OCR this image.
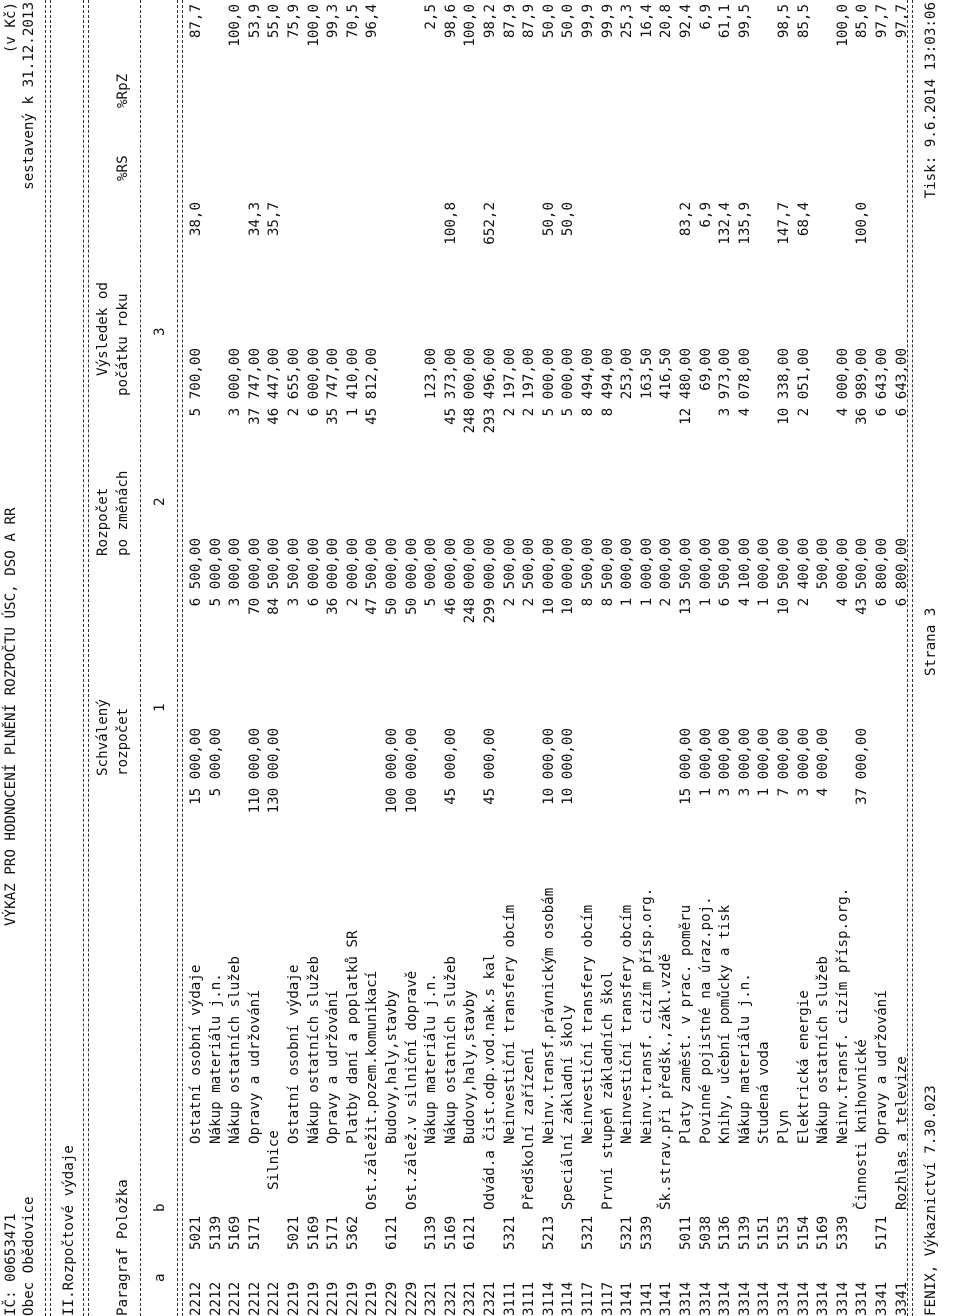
IČ: 00653471

VÝKAZ PRO HODNOCENÍ PLNĚNÍ ROZPOČTU ÚSC, DSO A RR

(v Kč)

Obec Obědovice

sestavený k 31.12.2013

II.Rozpočtové výdaje

Schválený

Rozpočet

Výsledek od

Paragraf Položka

rozpočet

po změnách

počátku roku

%RS

%RpZ

a

b

1

2

3

2212
5021
Ostatní osobní výdaje
15 000,00
6 500,00
5 700,00
38,0
87,7
2212
5139
Nákup materiálu j.n.
5 000,00
5 000,00
2212
5169
Nákup ostatních služeb
3 000,00
3 000,00
100,0
2212
5171
Opravy a udržování
110 000,00
70 000,00
37 747,00
34,3
53,9
2212
Silnice
130 000,00
84 500,00
46 447,00
35,7
55,0
2219
5021
Ostatní osobní výdaje
3 500,00
2 655,00
75,9
2219
5169
Nákup ostatních služeb
6 000,00
6 000,00
100,0
2219
5171
Opravy a udržování
36 000,00
35 747,00
99,3
2219
5362
Platby daní a poplatků SR
2 000,00
1 410,00
70,5
2219
Ost.záležit.pozem.komunikací
47 500,00
45 812,00
96,4
2229
6121
Budovy,haly,stavby
100 000,00
50 000,00
2229
Ost.zálež.v silniční dopravě
100 000,00
50 000,00
2321
5139
Nákup materiálu j.n.
5 000,00
123,00
2,5
2321
5169
Nákup ostatních služeb
45 000,00
46 000,00
45 373,00
100,8
98,6
2321
6121
Budovy,haly,stavby
248 000,00
248 000,00
100,0
2321
Odvád.a čist.odp.vod.nak.s kal
45 000,00
299 000,00
293 496,00
652,2
98,2
3111
5321
Neinvestiční transfery obcím
2 500,00
2 197,00
87,9
3111
Předškolní zařízení
2 500,00
2 197,00
87,9
3114
5213
Neinv.transf.právnickým osobám
10 000,00
10 000,00
5 000,00
50,0
50,0
3114
Speciální základní školy
10 000,00
10 000,00
5 000,00
50,0
50,0
3117
5321
Neinvestiční transfery obcím
8 500,00
8 494,00
99,9
3117
První stupeň základních škol
8 500,00
8 494,00
99,9
3141
5321
Neinvestiční transfery obcím
1 000,00
253,00
25,3
3141
5339
Neinv.transf. cizím přísp.org.
1 000,00
163,50
16,4
3141
Šk.strav.při předšk.,zákl.vzdě
2 000,00
416,50
20,8
3314
5011
Platy zaměst. v prac. poměru
15 000,00
13 500,00
12 480,00
83,2
92,4
3314
5038
Povinné pojistné na úraz.poj.
1 000,00
1 000,00
69,00
6,9
6,9
3314
5136
Knihy, učební pomůcky a tisk
3 000,00
6 500,00
3 973,00
132,4
61,1
3314
5139
Nákup materiálu j.n.
3 000,00
4 100,00
4 078,00
135,9
99,5
3314
5151
Studená voda
1 000,00
1 000,00
3314
5153
Plyn
7 000,00
10 500,00
10 338,00
147,7
98,5
3314
5154
Elektrická energie
3 000,00
2 400,00
2 051,00
68,4
85,5
3314
5169
Nákup ostatních služeb
4 000,00
500,00
3314
5339
Neinv.transf. cizím přísp.org.
4 000,00
4 000,00
100,0
3314
Činnosti knihovnické
37 000,00
43 500,00
36 989,00
100,0
85,0
3341
5171
Opravy a udržování
6 800,00
6 643,00
97,7
3341
Rozhlas a televize
6 800,00
6 643,00
97,7

FENIX, Výkaznictví 7.30.023

Strana 3

Tisk: 9.6.2014 13:03:06
